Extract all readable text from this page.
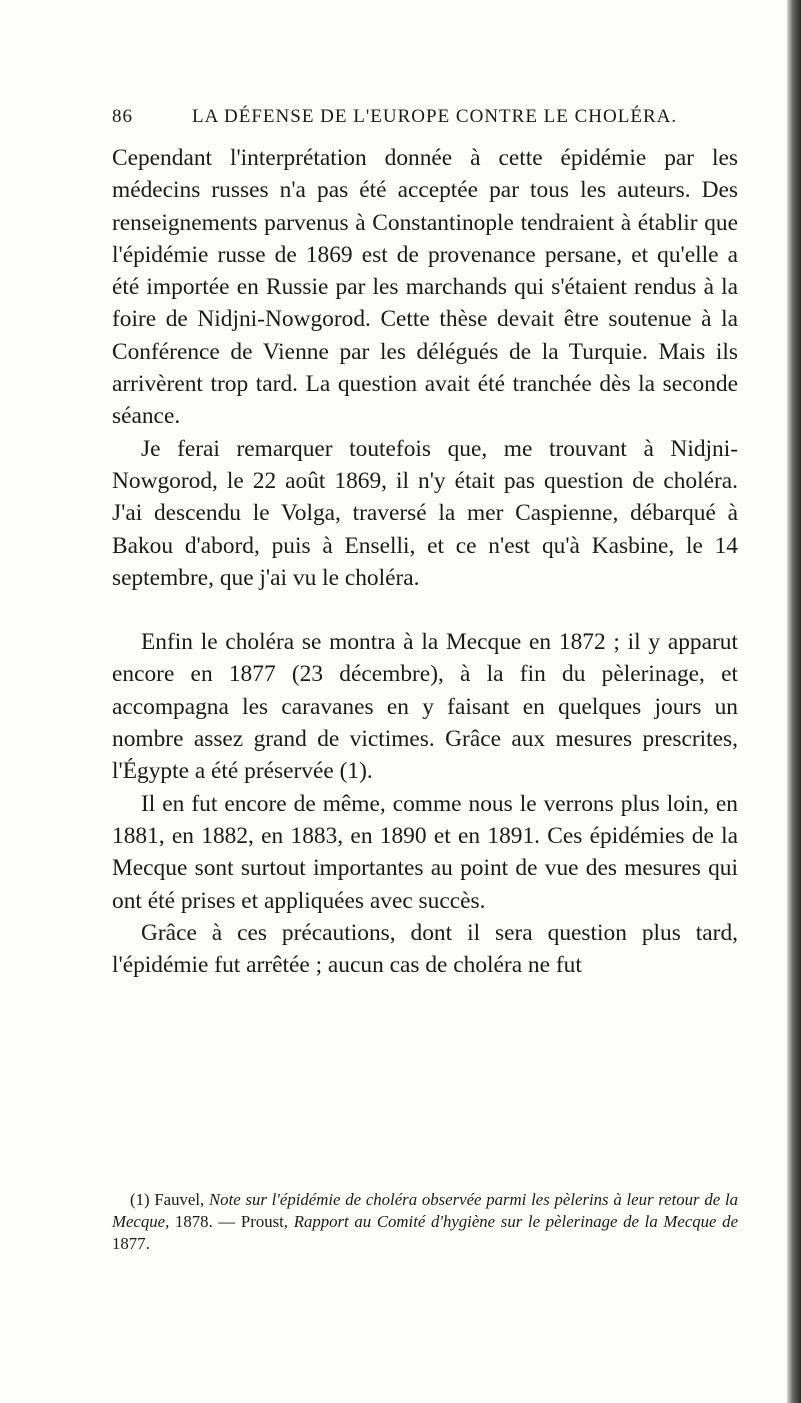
86	LA DÉFENSE DE L'EUROPE CONTRE LE CHOLÉRA.

Cependant l'interprétation donnée à cette épidémie par les médecins russes n'a pas été acceptée par tous les auteurs. Des renseignements parvenus à Constantinople tendraient à établir que l'épidémie russe de 1869 est de provenance persane, et qu'elle a été importée en Russie par les marchands qui s'étaient rendus à la foire de Nidjni-Nowgorod. Cette thèse devait être soutenue à la Conférence de Vienne par les délégués de la Turquie. Mais ils arrivèrent trop tard. La question avait été tranchée dès la seconde séance.

Je ferai remarquer toutefois que, me trouvant à Nidjni-Nowgorod, le 22 août 1869, il n'y était pas question de choléra. J'ai descendu le Volga, traversé la mer Caspienne, débarqué à Bakou d'abord, puis à Enselli, et ce n'est qu'à Kasbine, le 14 septembre, que j'ai vu le choléra.

Enfin le choléra se montra à la Mecque en 1872 ; il y apparut encore en 1877 (23 décembre), à la fin du pèlerinage, et accompagna les caravanes en y faisant en quelques jours un nombre assez grand de victimes. Grâce aux mesures prescrites, l'Égypte a été préservée (1).

Il en fut encore de même, comme nous le verrons plus loin, en 1881, en 1882, en 1883, en 1890 et en 1891. Ces épidémies de la Mecque sont surtout importantes au point de vue des mesures qui ont été prises et appliquées avec succès.

Grâce à ces précautions, dont il sera question plus tard, l'épidémie fut arrêtée ; aucun cas de choléra ne fut

(1) Fauvel, Note sur l'épidémie de choléra observée parmi les pèlerins à leur retour de la Mecque, 1878. — Proust, Rapport au Comité d'hygiène sur le pèlerinage de la Mecque de 1877.
